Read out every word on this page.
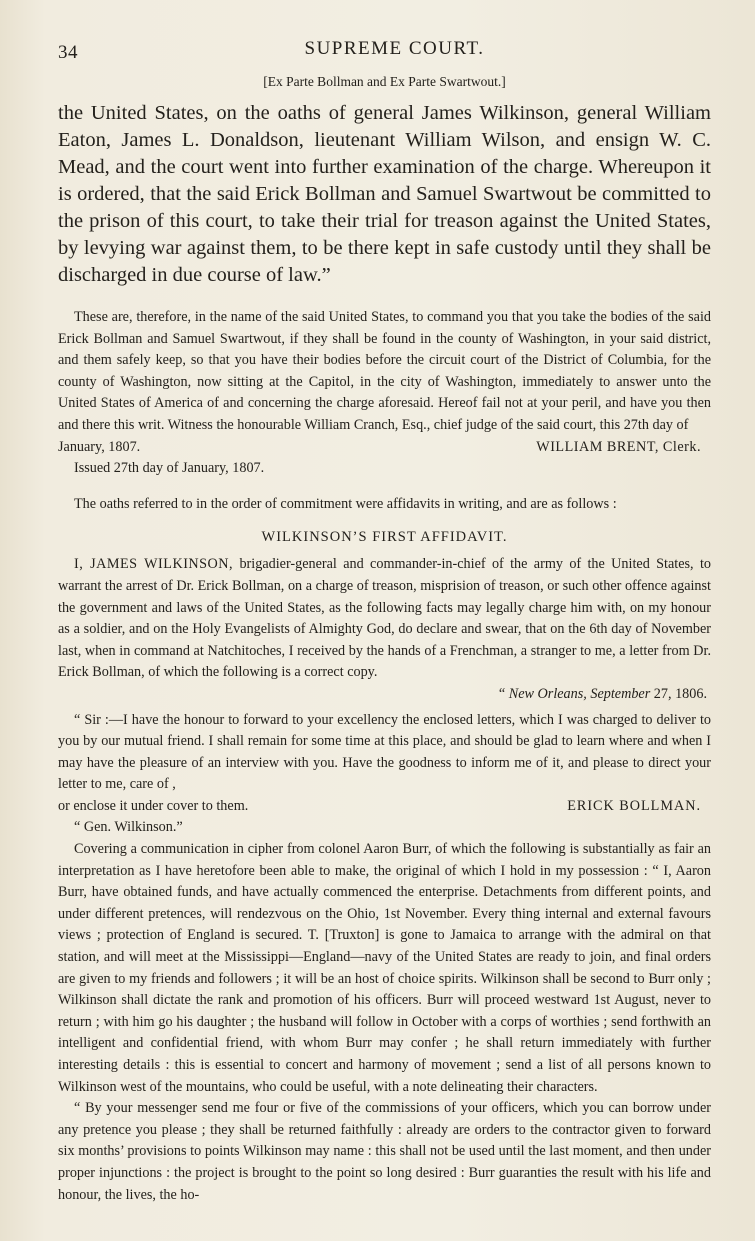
34	SUPREME COURT.
[Ex Parte Bollman and Ex Parte Swartwout.]

the United States, on the oaths of general James Wilkinson, general William Eaton, James L. Donaldson, lieutenant William Wilson, and ensign W. C. Mead, and the court went into further examination of the charge. Whereupon it is ordered, that the said Erick Bollman and Samuel Swartwout be committed to the prison of this court, to take their trial for treason against the United States, by levying war against them, to be there kept in safe custody until they shall be discharged in due course of law.”

These are, therefore, in the name of the said United States, to command you that you take the bodies of the said Erick Bollman and Samuel Swartwout, if they shall be found in the county of Washington, in your said district, and them safely keep, so that you have their bodies before the circuit court of the District of Columbia, for the county of Washington, now sitting at the Capitol, in the city of Washington, immediately to answer unto the United States of America of and concerning the charge aforesaid. Hereof fail not at your peril, and have you then and there this writ. Witness the honourable William Cranch, Esq., chief judge of the said court, this 27th day of

January, 1807.	WILLIAM BRENT, Clerk.

Issued 27th day of January, 1807.

The oaths referred to in the order of commitment were affidavits in writing, and are as follows :

WILKINSON’S FIRST AFFIDAVIT.

I, JAMES WILKINSON, brigadier-general and commander-in-chief of the army of the United States, to warrant the arrest of Dr. Erick Bollman, on a charge of treason, misprision of treason, or such other offence against the government and laws of the United States, as the following facts may legally charge him with, on my honour as a soldier, and on the Holy Evangelists of Almighty God, do declare and swear, that on the 6th day of November last, when in command at Natchitoches, I received by the hands of a Frenchman, a stranger to me, a letter from Dr. Erick Bollman, of which the following is a correct copy.

“ New Orleans, September 27, 1806.

“ Sir :—I have the honour to forward to your excellency the enclosed letters, which I was charged to deliver to you by our mutual friend. I shall remain for some time at this place, and should be glad to learn where and when I may have the pleasure of an interview with you. Have the goodness to inform me of it, and please to direct your letter to me, care of ,

or enclose it under cover to them.	ERICK BOLLMAN.

“ Gen. Wilkinson.”

Covering a communication in cipher from colonel Aaron Burr, of which the following is substantially as fair an interpretation as I have heretofore been able to make, the original of which I hold in my possession : “ I, Aaron Burr, have obtained funds, and have actually commenced the enterprise. Detachments from different points, and under different pretences, will rendezvous on the Ohio, 1st November. Every thing internal and external favours views ; protection of England is secured. T. [Truxton] is gone to Jamaica to arrange with the admiral on that station, and will meet at the Mississippi—England—navy of the United States are ready to join, and final orders are given to my friends and followers ; it will be an host of choice spirits. Wilkinson shall be second to Burr only ; Wilkinson shall dictate the rank and promotion of his officers. Burr will proceed westward 1st August, never to return ; with him go his daughter ; the husband will follow in October with a corps of worthies ; send forthwith an intelligent and confidential friend, with whom Burr may confer ; he shall return immediately with further interesting details : this is essential to concert and harmony of movement ; send a list of all persons known to Wilkinson west of the mountains, who could be useful, with a note delineating their characters.

“ By your messenger send me four or five of the commissions of your officers, which you can borrow under any pretence you please ; they shall be returned faithfully : already are orders to the contractor given to forward six months’ provisions to points Wilkinson may name : this shall not be used until the last moment, and then under proper injunctions : the project is brought to the point so long desired : Burr guaranties the result with his life and honour, the lives, the ho-
